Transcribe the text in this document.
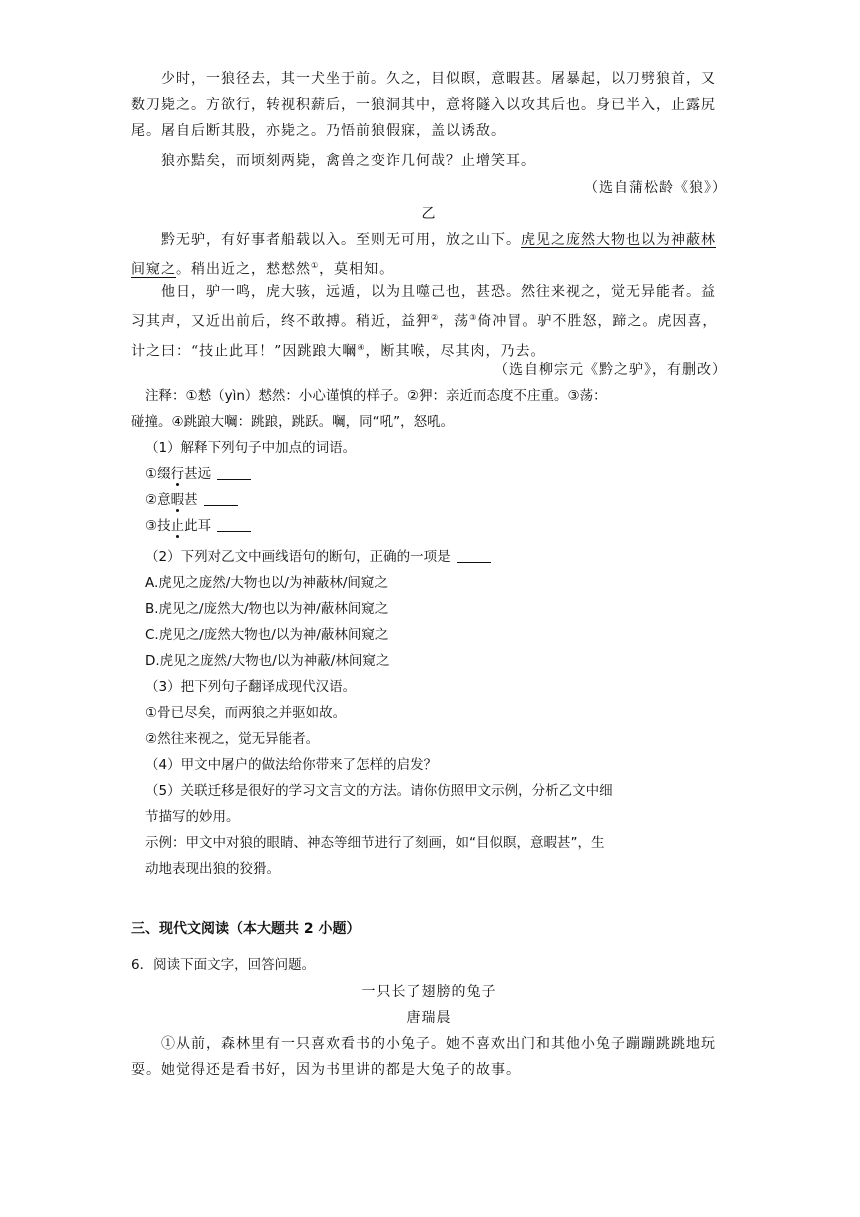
少时，一狼径去，其一犬坐于前。久之，目似瞑，意暇甚。屠暴起，以刀劈狼首，又数刀毙之。方欲行，转视积薪后，一狼洞其中，意将隧入以攻其后也。身已半入，止露尻尾。屠自后断其股，亦毙之。乃悟前狼假寐，盖以诱敌。

狼亦黠矣，而顷刻两毙，禽兽之变诈几何哉？止增笑耳。

（选自蒲松龄《狼》）

乙

黔无驴，有好事者船载以入。至则无可用，放之山下。虎见之庞然大物也以为神蔽林间窥之。稍出近之，慭慭然①，莫相知。

他日，驴一鸣，虎大骇，远遁，以为且噬己也，甚恐。然往来视之，觉无异能者。益习其声，又近出前后，终不敢搏。稍近，益狎②，荡③倚冲冒。驴不胜怒，蹄之。虎因喜，计之曰：“技止此耳！”因跳踉大㘎④，断其喉，尽其肉，乃去。

（选自柳宗元《黔之驴》，有删改）

注释：①慭（yìn）慭然：小心谨慎的样子。②狎：亲近而态度不庄重。③荡：

碰撞。④跳踉大㘎：跳踉，跳跃。㘎，同“吼”，怒吼。

（1）解释下列句子中加点的词语。

①缀行甚远

②意暇甚

③技止此耳

（2）下列对乙文中画线语句的断句，正确的一项是

A.虎见之庞然/大物也以/为神蔽林/间窥之

B.虎见之/庞然大/物也以为神/蔽林间窥之

C.虎见之/庞然大物也/以为神/蔽林间窥之

D.虎见之庞然/大物也/以为神蔽/林间窥之

（3）把下列句子翻译成现代汉语。

①骨已尽矣，而两狼之并驱如故。

②然往来视之，觉无异能者。

（4）甲文中屠户的做法给你带来了怎样的启发？

（5）关联迁移是很好的学习文言文的方法。请你仿照甲文示例，分析乙文中细

节描写的妙用。

示例：甲文中对狼的眼睛、神态等细节进行了刻画，如“目似瞑，意暇甚”，生

动地表现出狼的狡猾。

三、现代文阅读（本大题共 2 小题）

6．阅读下面文字，回答问题。

一只长了翅膀的兔子

唐瑞晨

①从前，森林里有一只喜欢看书的小兔子。她不喜欢出门和其他小兔子蹦蹦跳跳地玩耍。她觉得还是看书好，因为书里讲的都是大兔子的故事。
